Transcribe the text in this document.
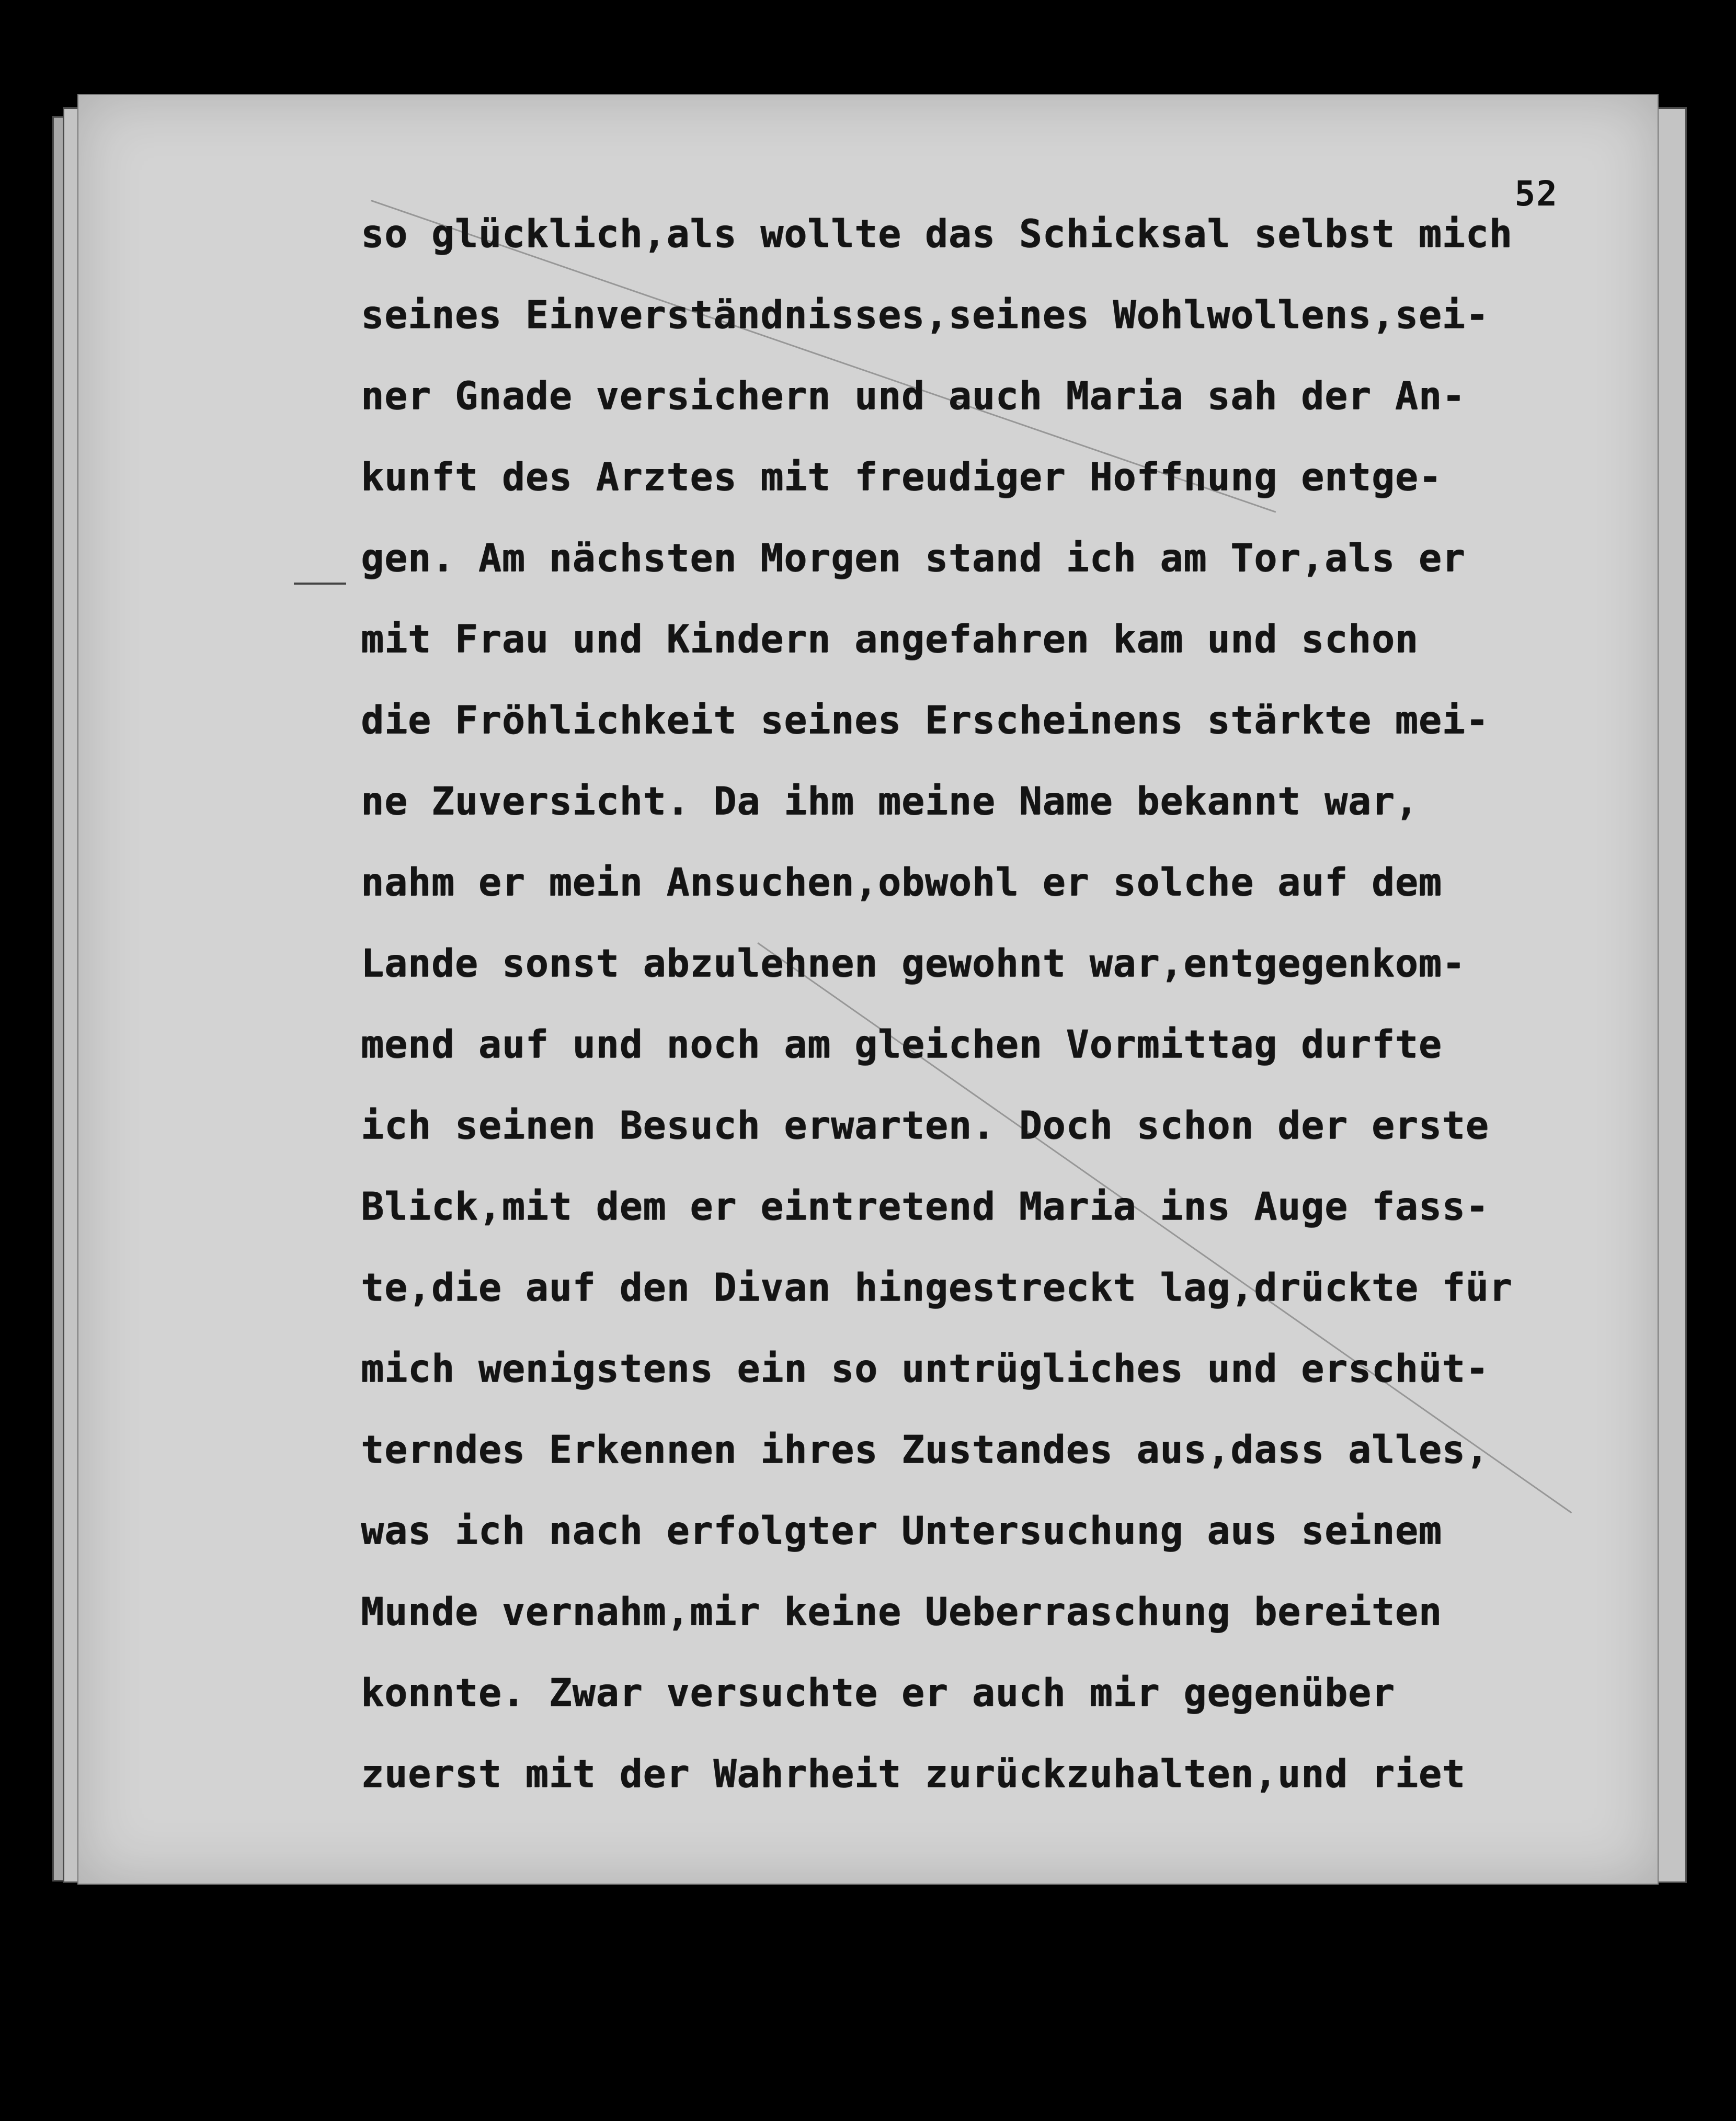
52
so glücklich,als wollte das Schicksal selbst mich
seines Einverständnisses,seines Wohlwollens,sei-
ner Gnade versichern und auch Maria sah der An-
kunft des Arztes mit freudiger Hoffnung entge-
gen. Am nächsten Morgen stand ich am Tor,als er
mit Frau und Kindern angefahren kam und schon
die Fröhlichkeit seines Erscheinens stärkte mei-
ne Zuversicht. Da ihm meine Name bekannt war,
nahm er mein Ansuchen,obwohl er solche auf dem
Lande sonst abzulehnen gewohnt war,entgegenkom-
mend auf und noch am gleichen Vormittag durfte
ich seinen Besuch erwarten. Doch schon der erste
Blick,mit dem er eintretend Maria ins Auge fass-
te,die auf den Divan hingestreckt lag,drückte für
mich wenigstens ein so untrügliches und erschüt-
terndes Erkennen ihres Zustandes aus,dass alles,
was ich nach erfolgter Untersuchung aus seinem
Munde vernahm,mir keine Ueberraschung bereiten
konnte. Zwar versuchte er auch mir gegenüber
zuerst mit der Wahrheit zurückzuhalten,und riet
